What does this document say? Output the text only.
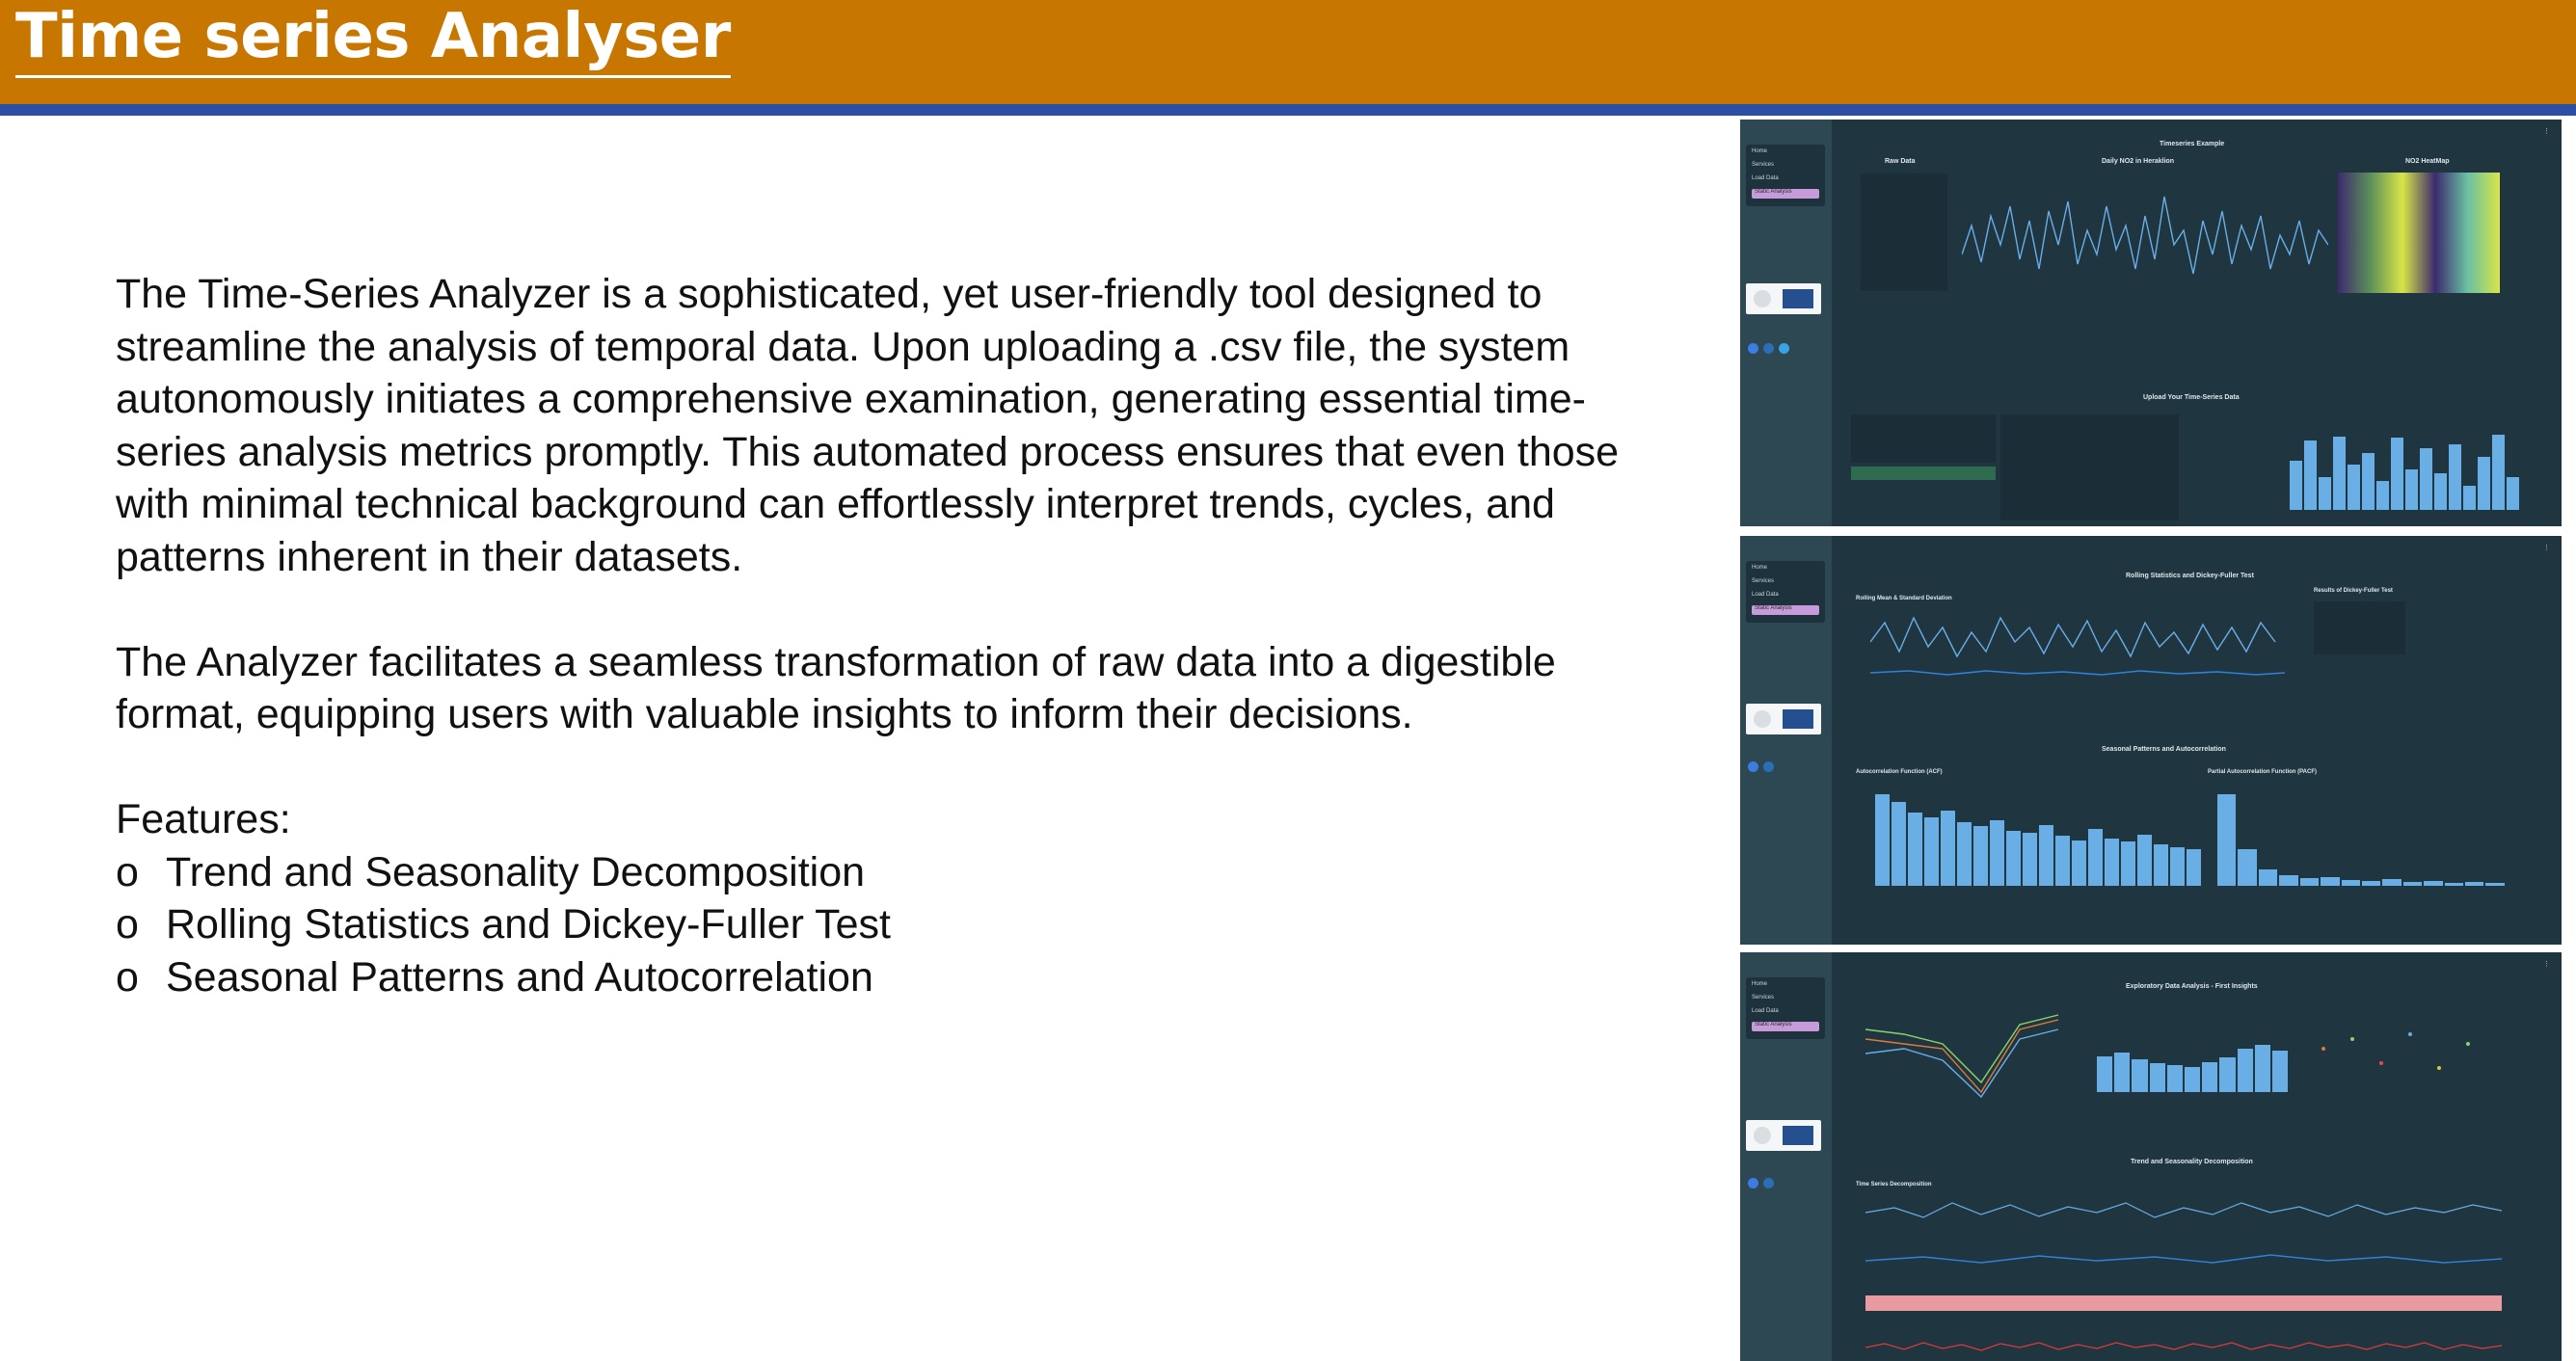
Time series Analyser

The Time-Series Analyzer is a sophisticated, yet user-friendly tool designed to streamline the analysis of temporal data. Upon uploading a .csv file, the system autonomously initiates a comprehensive examination, generating essential time-series analysis metrics promptly. This automated process ensures that even those with minimal technical background can effortlessly interpret trends, cycles, and patterns inherent in their datasets.

The Analyzer facilitates a seamless transformation of raw data into a digestible format, equipping users with valuable insights to inform their decisions.

Features:

o Trend and Seasonality Decomposition
o Rolling Statistics and Dickey-Fuller Test
o Seasonal Patterns and Autocorrelation
Home
Services
Load Data
Static Analysis
⋮
Timeseries Example
Raw Data	Daily NO2 in Heraklion	NO2 HeatMap
Upload Your Time-Series Data
Home
Services
Load Data
Static Analysis
⋮
Rolling Statistics and Dickey-Fuller Test
Rolling Mean & Standard Deviation
Results of Dickey-Fuller Test
Seasonal Patterns and Autocorrelation
Autocorrelation Function (ACF)	Partial Autocorrelation Function (PACF)
Home
Services
Load Data
Static Analysis
⋮
Exploratory Data Analysis - First Insights
Trend and Seasonality Decomposition
Time Series Decomposition
